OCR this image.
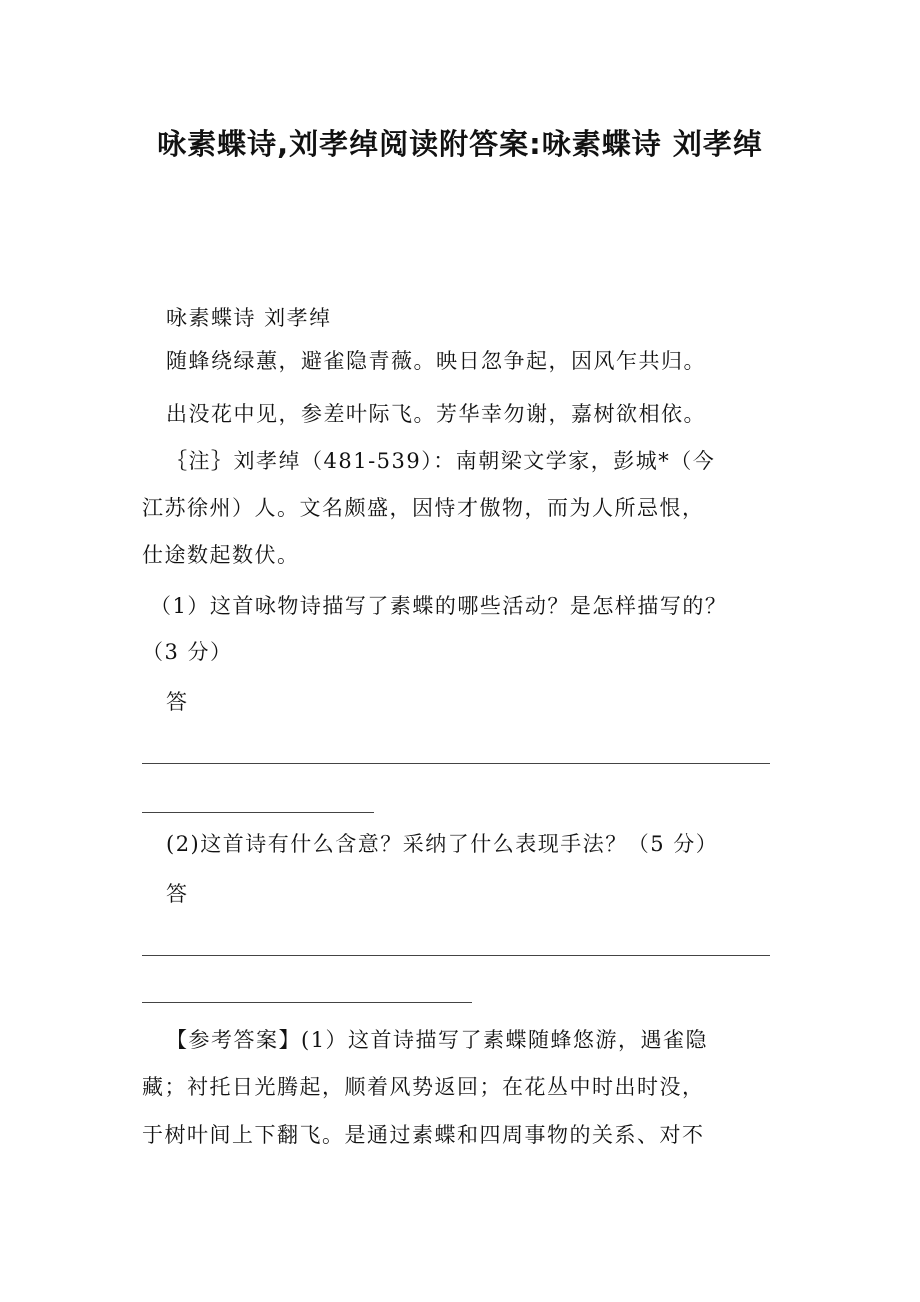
咏素蝶诗,刘孝绰阅读附答案:咏素蝶诗 刘孝绰
咏素蝶诗 刘孝绰
随蜂绕绿蕙，避雀隐青薇。映日忽争起，因风乍共归。
出没花中见，参差叶际飞。芳华幸勿谢，嘉树欲相依。
｛注｝刘孝绰（481-539）：南朝梁文学家，彭城*（今
江苏徐州）人。文名颇盛，因恃才傲物，而为人所忌恨，
仕途数起数伏。
（1）这首咏物诗描写了素蝶的哪些活动？是怎样描写的？
（3 分）
答
(2)这首诗有什么含意？采纳了什么表现手法？（5 分）
答
【参考答案】(1）这首诗描写了素蝶随蜂悠游，遇雀隐
藏；衬托日光腾起，顺着风势返回；在花丛中时出时没，
于树叶间上下翻飞。是通过素蝶和四周事物的关系、对不
